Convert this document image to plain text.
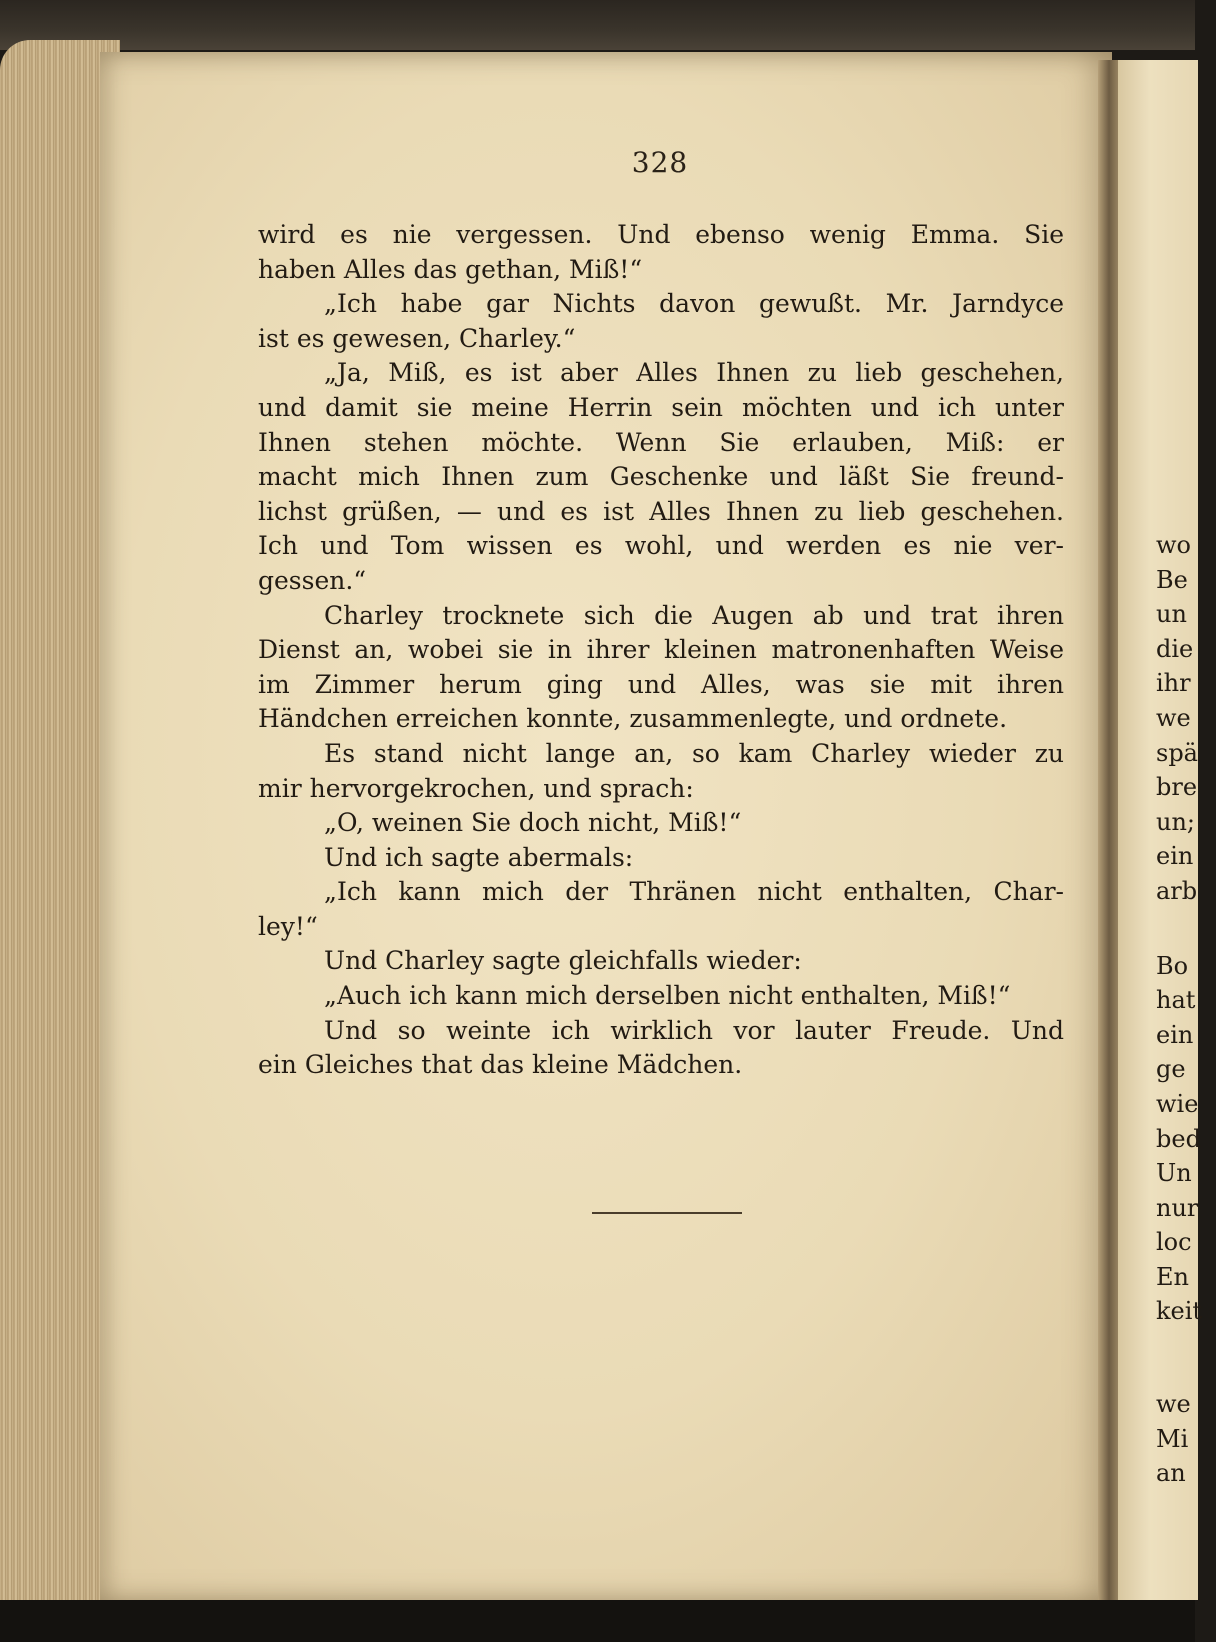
328
wird es nie vergessen. Und ebenso wenig Emma. Sie
haben Alles das gethan, Miß!“
„Ich habe gar Nichts davon gewußt. Mr. Jarndyce
ist es gewesen, Charley.“
„Ja, Miß, es ist aber Alles Ihnen zu lieb geschehen,
und damit sie meine Herrin sein möchten und ich unter
Ihnen stehen möchte. Wenn Sie erlauben, Miß: er
macht mich Ihnen zum Geschenke und läßt Sie freund-
lichst grüßen, — und es ist Alles Ihnen zu lieb geschehen.
Ich und Tom wissen es wohl, und werden es nie ver-
gessen.“
Charley trocknete sich die Augen ab und trat ihren
Dienst an, wobei sie in ihrer kleinen matronenhaften Weise
im Zimmer herum ging und Alles, was sie mit ihren
Händchen erreichen konnte, zusammenlegte, und ordnete.
Es stand nicht lange an, so kam Charley wieder zu
mir hervorgekrochen, und sprach:
„O, weinen Sie doch nicht, Miß!“
Und ich sagte abermals:
„Ich kann mich der Thränen nicht enthalten, Char-
ley!“
Und Charley sagte gleichfalls wieder:
„Auch ich kann mich derselben nicht enthalten, Miß!“
Und so weinte ich wirklich vor lauter Freude. Und
ein Gleiches that das kleine Mädchen.
wo
Be
un
die
ihr
we
spä
bre
un;
ein
arb
Bo
hat
ein
ge
wie
bed
Un
nur
loc
En
keit
we
Mi
an
